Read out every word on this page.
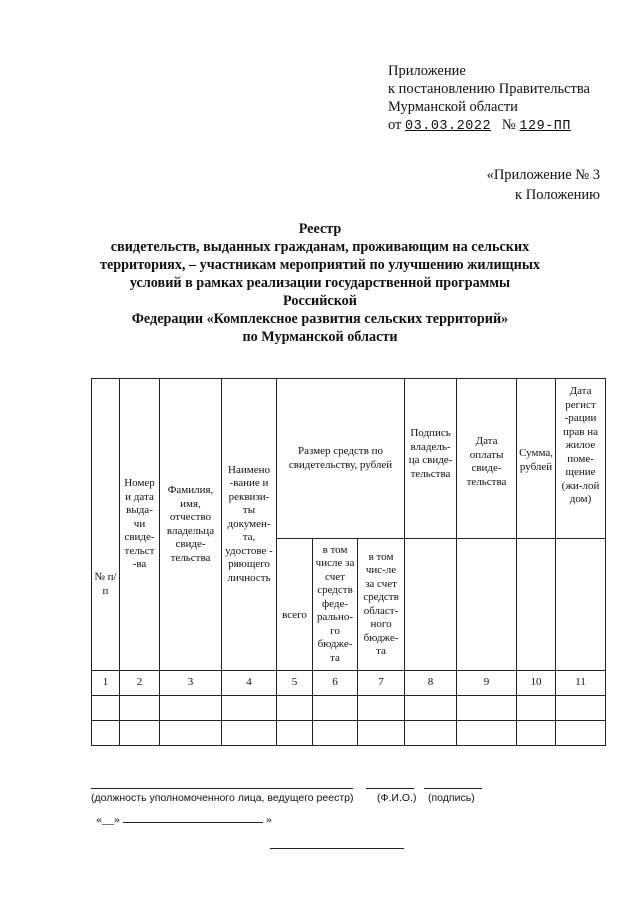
Приложение
к постановлению Правительства
Мурманской области
от 03.03.2022 № 129-ПП
«Приложение № 3
к Положению
Реестр
свидетельств, выданных гражданам, проживающим на сельских
территориях, – участникам мероприятий по улучшению жилищных
условий в рамках реализации государственной программы Российской
Федерации «Комплексное развития сельских территорий»
по Мурманской области
№ п/п	Номер и дата выда-чи свиде-тельст -ва	Фамилия, имя, отчество владельца свиде-тельства	Наимено -вание и реквизи-ты докумен-та, удостове - ряющего личность	Размер средств по свидетельству, рублей			Подпись владель-ца свиде-тельства	Дата оплаты свиде-тельства	Сумма, рублей	Дата регист -рации прав на жилое поме-щение (жи-лой дом)
				всего	в том числе за счет средств феде-рально-го бюдже-та	в том чис-ле за счет средств област-ного бюдже-та				
1	2	3	4	5	6	7	8	9	10	11

(должность уполномоченного лица, ведущего реестр) (Ф.И.О.) (подпись)
«__»	»
